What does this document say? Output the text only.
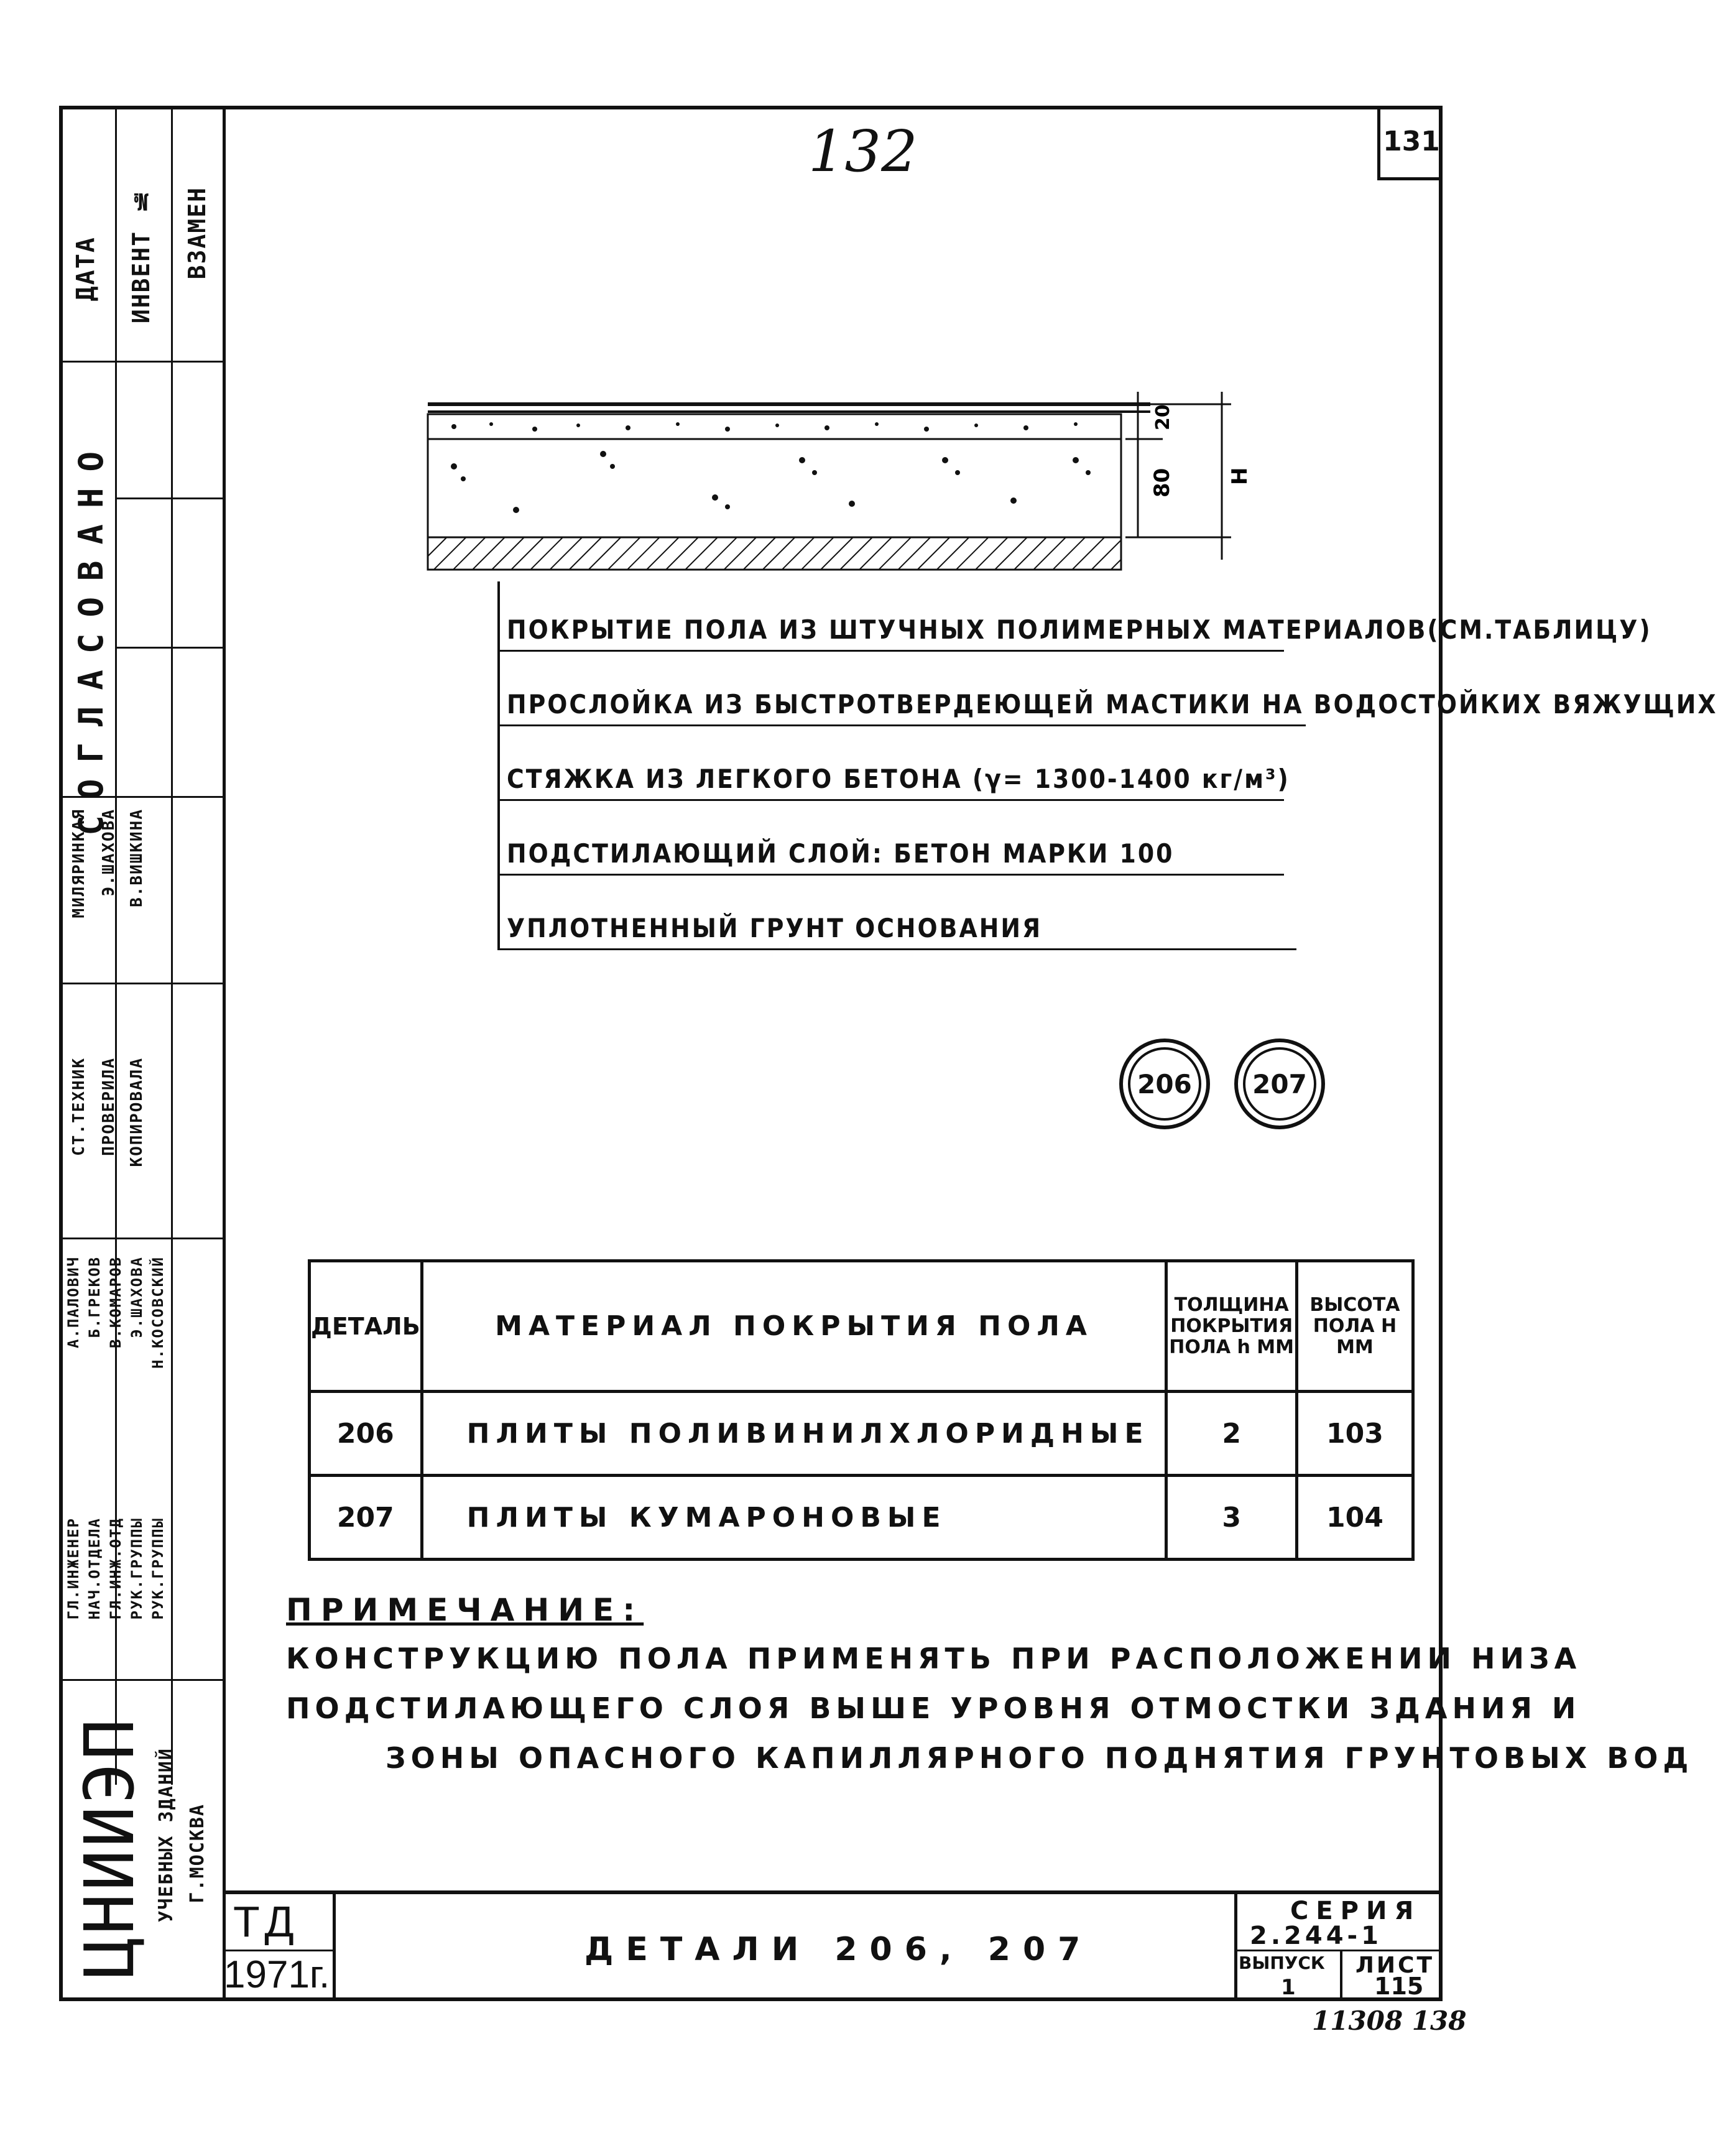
132	131
ДАТА ИНВЕНТ № ВЗАМЕН
СОГЛАСОВАНО
МИЛЯРИНКАЯ Э.ШАХОВА В.ВИШКИНА
СТ.ТЕХНИК ПРОВЕРИЛА КОПИРОВАЛА
А.ПАЛОВИЧ Б.ГРЕКОВ В.КОМАРОВ Э.ШАХОВА Н.КОСОВСКИЙ
ГЛ.ИНЖЕНЕР НАЧ.ОТДЕЛА ГЛ.ИНЖ.ОТД РУК.ГРУППЫ РУК.ГРУППЫ
ЦНИИЭП УЧЕБНЫХ ЗДАНИЙ Г.МОСКВА
20
80	Н
ПОКРЫТИЕ ПОЛА ИЗ ШТУЧНЫХ ПОЛИМЕРНЫХ МАТЕРИАЛОВ(СМ.ТАБЛИЦУ)
ПРОСЛОЙКА ИЗ БЫСТРОТВЕРДЕЮЩЕЙ МАСТИКИ НА ВОДОСТОЙКИХ ВЯЖУЩИХ
СТЯЖКА ИЗ ЛЕГКОГО БЕТОНА (γ= 1300-1400 кг/м³)
ПОДСТИЛАЮЩИЙ СЛОЙ: БЕТОН МАРКИ 100
УПЛОТНЕННЫЙ ГРУНТ ОСНОВАНИЯ
206	207
ДЕТАЛЬ	МАТЕРИАЛ ПОКРЫТИЯ ПОЛА	ТОЛЩИНА ПОКРЫТИЯ ПОЛА h ММ	ВЫСОТА ПОЛА Н ММ
206	ПЛИТЫ ПОЛИВИНИЛХЛОРИДНЫЕ	2	103
207	ПЛИТЫ КУМАРОНОВЫЕ	3	104
ПРИМЕЧАНИЕ:
КОНСТРУКЦИЮ ПОЛА ПРИМЕНЯТЬ ПРИ РАСПОЛОЖЕНИИ НИЗА
ПОДСТИЛАЮЩЕГО СЛОЯ ВЫШЕ УРОВНЯ ОТМОСТКИ ЗДАНИЯ И
ЗОНЫ ОПАСНОГО КАПИЛЛЯРНОГО ПОДНЯТИЯ ГРУНТОВЫХ ВОД
ТД
1971г.
ДЕТАЛИ 206, 207
СЕРИЯ
2.244-1
ВЫПУСК
1
ЛИСТ
115
11308 138
